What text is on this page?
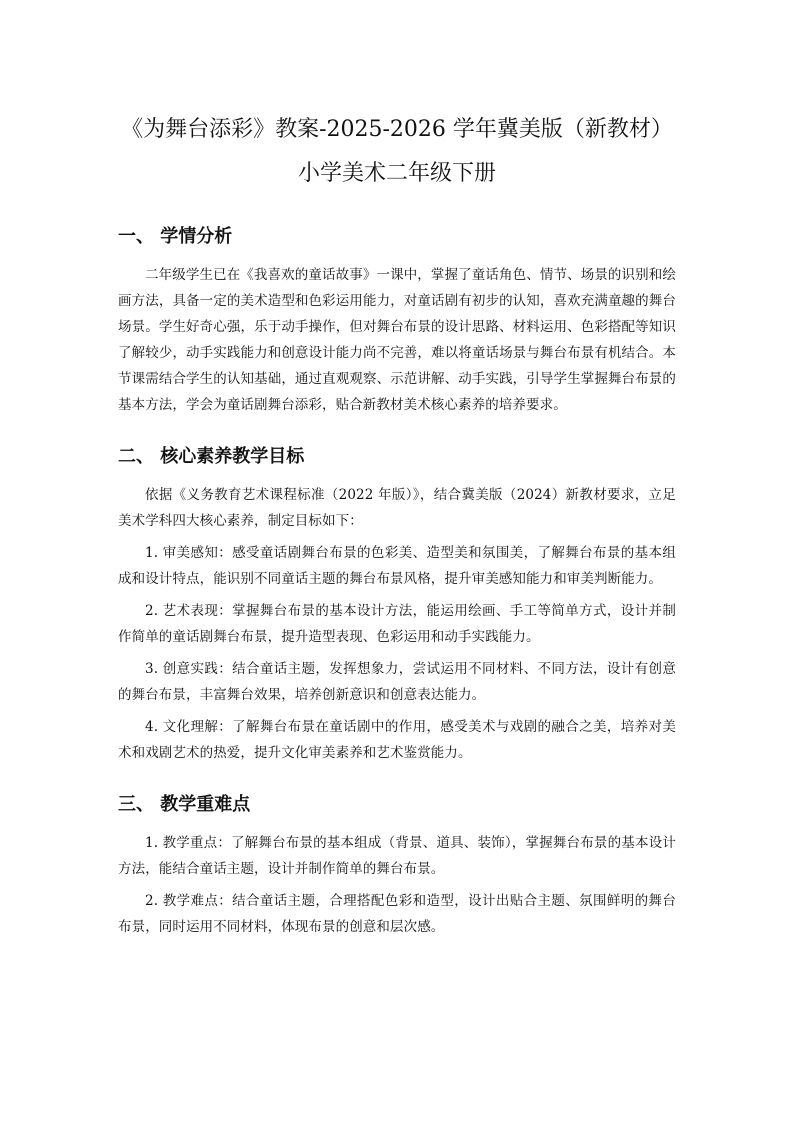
《为舞台添彩》教案-2025-2026 学年冀美版（新教材）
小学美术二年级下册
一、 学情分析

二年级学生已在《我喜欢的童话故事》一课中，掌握了童话角色、情节、场景的识别和绘画方法，具备一定的美术造型和色彩运用能力，对童话剧有初步的认知，喜欢充满童趣的舞台场景。学生好奇心强，乐于动手操作，但对舞台布景的设计思路、材料运用、色彩搭配等知识了解较少，动手实践能力和创意设计能力尚不完善，难以将童话场景与舞台布景有机结合。本节课需结合学生的认知基础，通过直观观察、示范讲解、动手实践，引导学生掌握舞台布景的基本方法，学会为童话剧舞台添彩，贴合新教材美术核心素养的培养要求。

二、 核心素养教学目标

依据《义务教育艺术课程标准（2022 年版）》，结合冀美版（2024）新教材要求，立足美术学科四大核心素养，制定目标如下：

1. 审美感知：感受童话剧舞台布景的色彩美、造型美和氛围美，了解舞台布景的基本组成和设计特点，能识别不同童话主题的舞台布景风格，提升审美感知能力和审美判断能力。

2. 艺术表现：掌握舞台布景的基本设计方法，能运用绘画、手工等简单方式，设计并制作简单的童话剧舞台布景，提升造型表现、色彩运用和动手实践能力。

3. 创意实践：结合童话主题，发挥想象力，尝试运用不同材料、不同方法，设计有创意的舞台布景，丰富舞台效果，培养创新意识和创意表达能力。

4. 文化理解：了解舞台布景在童话剧中的作用，感受美术与戏剧的融合之美，培养对美术和戏剧艺术的热爱，提升文化审美素养和艺术鉴赏能力。

三、 教学重难点

1. 教学重点：了解舞台布景的基本组成（背景、道具、装饰），掌握舞台布景的基本设计方法，能结合童话主题，设计并制作简单的舞台布景。

2. 教学难点：结合童话主题，合理搭配色彩和造型，设计出贴合主题、氛围鲜明的舞台布景，同时运用不同材料，体现布景的创意和层次感。
